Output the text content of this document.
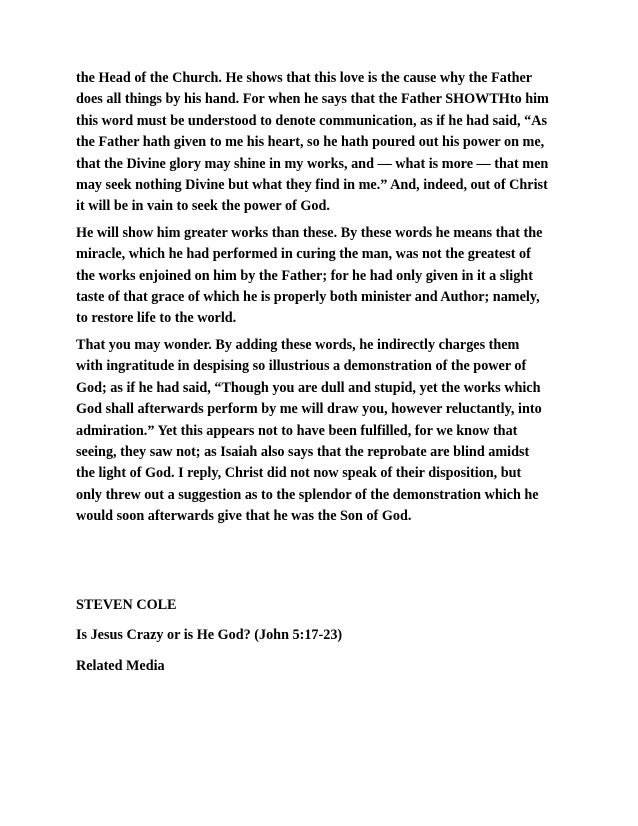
the Head of the Church. He shows that this love is the cause why the Father
does all things by his hand. For when he says that the Father SHOWTHto him
this word must be understood to denote communication, as if he had said, “As
the Father hath given to me his heart, so he hath poured out his power on me,
that the Divine glory may shine in my works, and — what is more — that men
may seek nothing Divine but what they find in me.” And, indeed, out of Christ
it will be in vain to seek the power of God.

He will show him greater works than these. By these words he means that the
miracle, which he had performed in curing the man, was not the greatest of
the works enjoined on him by the Father; for he had only given in it a slight
taste of that grace of which he is properly both minister and Author; namely,
to restore life to the world.

That you may wonder. By adding these words, he indirectly charges them
with ingratitude in despising so illustrious a demonstration of the power of
God; as if he had said, “Though you are dull and stupid, yet the works which
God shall afterwards perform by me will draw you, however reluctantly, into
admiration.” Yet this appears not to have been fulfilled, for we know that
seeing, they saw not; as Isaiah also says that the reprobate are blind amidst
the light of God. I reply, Christ did not now speak of their disposition, but
only threw out a suggestion as to the splendor of the demonstration which he
would soon afterwards give that he was the Son of God.

STEVEN COLE
Is Jesus Crazy or is He God? (John 5:17-23)
Related Media
